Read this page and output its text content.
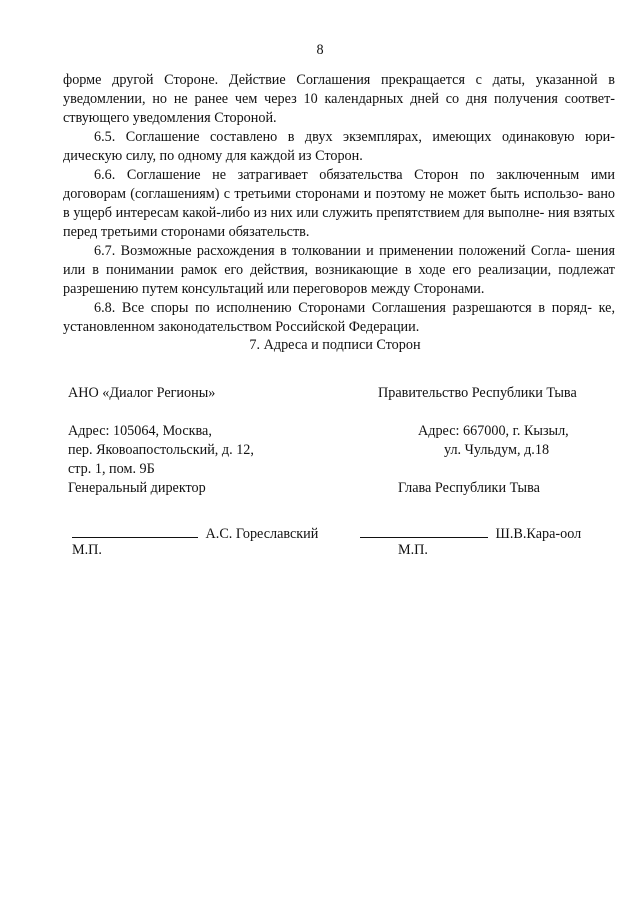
8

форме другой Стороне. Действие Соглашения прекращается с даты, указанной в уведомлении, но не ранее чем через 10 календарных дней со дня получения соответ- ствующего уведомления Стороной.

6.5. Соглашение составлено в двух экземплярах, имеющих одинаковую юри- дическую силу, по одному для каждой из Сторон.

6.6. Соглашение не затрагивает обязательства Сторон по заключенным ими договорам (соглашениям) с третьими сторонами и поэтому не может быть использо- вано в ущерб интересам какой-либо из них или служить препятствием для выполне- ния взятых перед третьими сторонами обязательств.

6.7. Возможные расхождения в толковании и применении положений Согла- шения или в понимании рамок его действия, возникающие в ходе его реализации, подлежат разрешению путем консультаций или переговоров между Сторонами.

6.8. Все споры по исполнению Сторонами Соглашения разрешаются в поряд- ке, установленном законодательством Российской Федерации.

7. Адреса и подписи Сторон
АНО «Диалог Регионы»
Адрес: 105064, Москва,
пер. Яковоапостольский, д. 12,
стр. 1, пом. 9Б
Генеральный директор
Правительство Республики Тыва
Адрес: 667000, г. Кызыл,
ул. Чульдум, д.18
Глава Республики Тыва
А.С. Гореславский	Ш.В.Кара-оол
М.П.	М.П.
